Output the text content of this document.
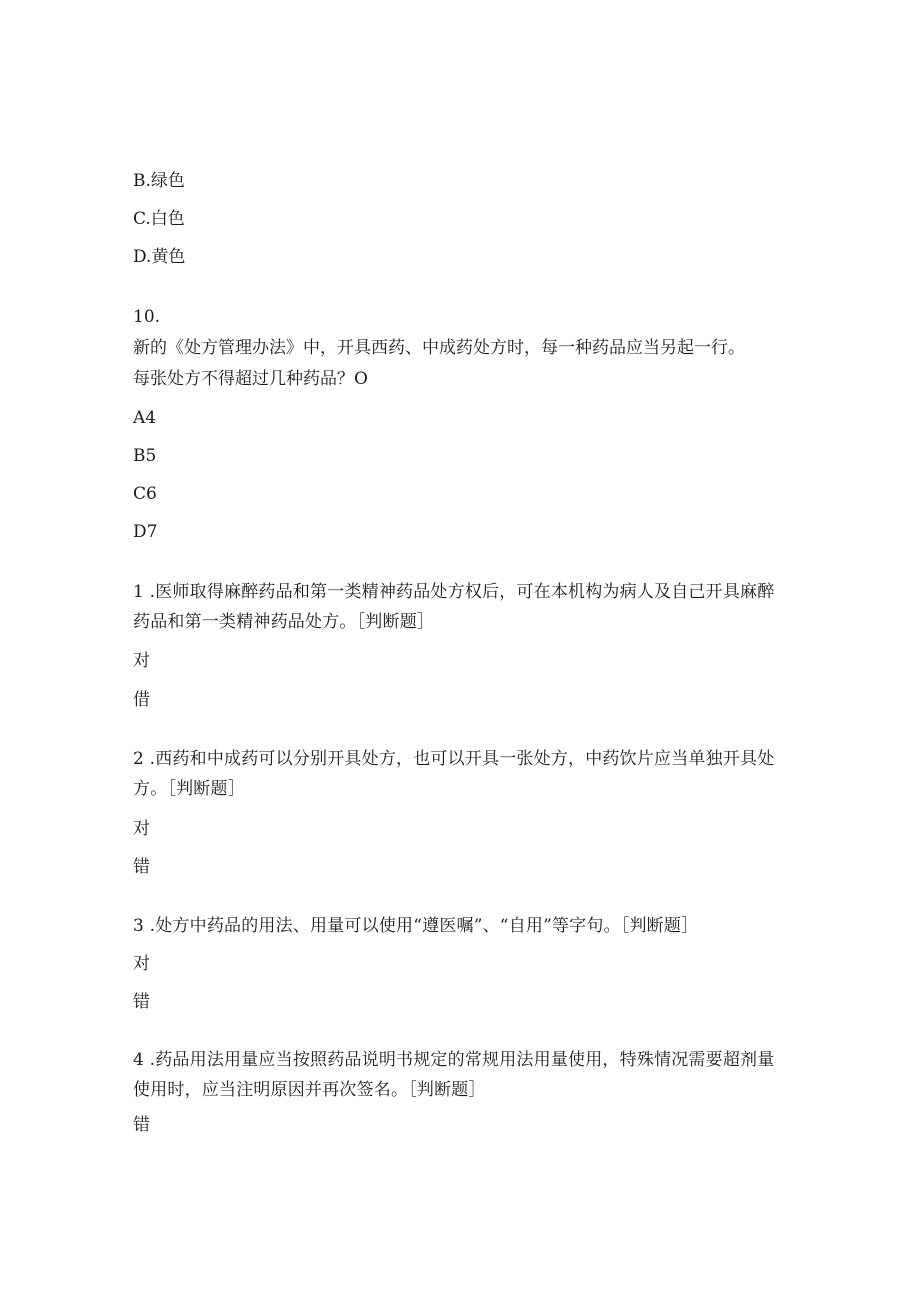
B.绿色

C.白色

D.黄色

10.

新的《处方管理办法》中，开具西药、中成药处方时，每一种药品应当另起一行。

每张处方不得超过几种药品？O

A4

B5

C6

D7

1 .医师取得麻醉药品和第一类精神药品处方权后，可在本机构为病人及自己开具麻醉药品和第一类精神药品处方。［判断题］

对

借

2 .西药和中成药可以分别开具处方，也可以开具一张处方，中药饮片应当单独开具处方。［判断题］

对

错

3 .处方中药品的用法、用量可以使用“遵医嘱”、“自用”等字句。［判断题］

对

错

4 .药品用法用量应当按照药品说明书规定的常规用法用量使用，特殊情况需要超剂量使用时，应当注明原因并再次签名。［判断题］

错
